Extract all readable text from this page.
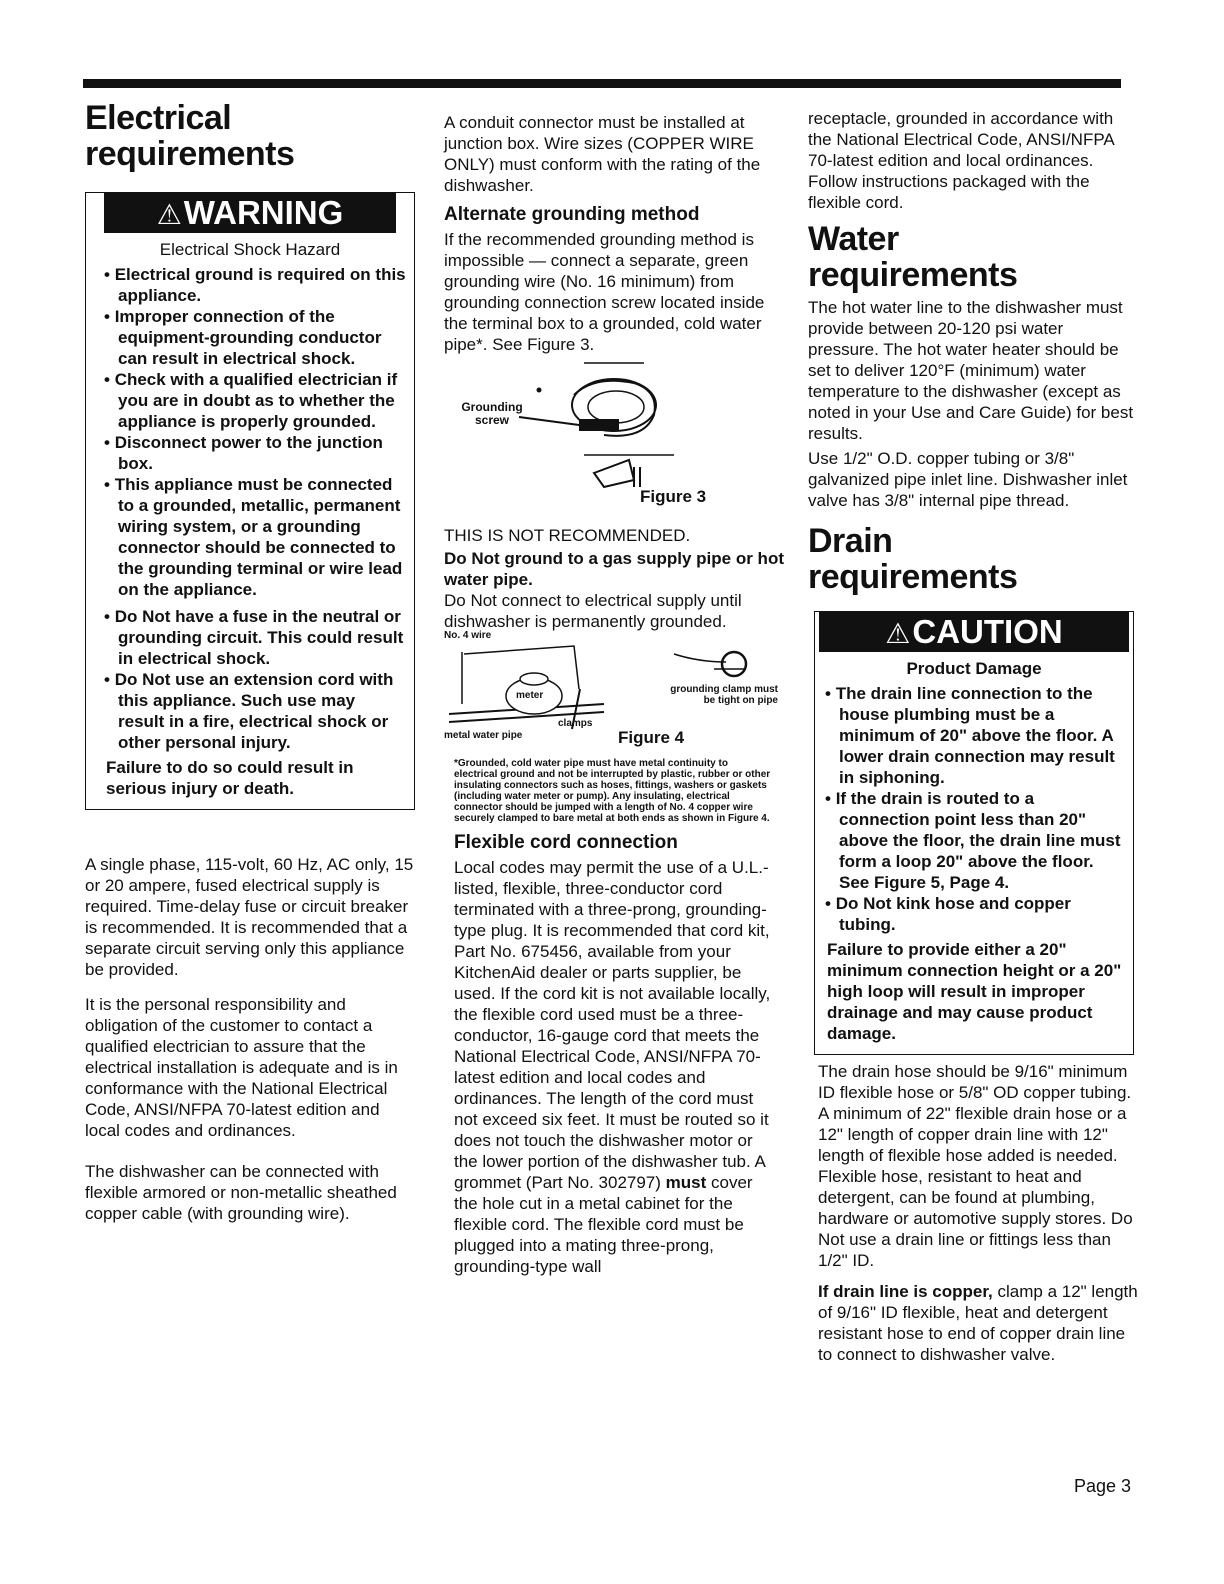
Electrical
requirements
⚠WARNING
Electrical Shock Hazard
• Electrical ground is required on this appliance.
• Improper connection of the equipment-grounding conductor can result in electrical shock.
• Check with a qualified electrician if you are in doubt as to whether the appliance is properly grounded.
• Disconnect power to the junction box.
• This appliance must be connected to a grounded, metallic, permanent wiring system, or a grounding connector should be connected to the grounding terminal or wire lead on the appliance.
• Do Not have a fuse in the neutral or grounding circuit. This could result in electrical shock.
• Do Not use an extension cord with this appliance. Such use may result in a fire, electrical shock or other personal injury.
Failure to do so could result in serious injury or death.

A single phase, 115-volt, 60 Hz, AC only, 15 or 20 ampere, fused electrical supply is required. Time-delay fuse or circuit breaker is recommended. It is recommended that a separate circuit serving only this appliance be provided.

It is the personal responsibility and obligation of the customer to contact a qualified electrician to assure that the electrical installation is adequate and is in conformance with the National Electrical Code, ANSI/NFPA 70-latest edition and local codes and ordinances.

The dishwasher can be connected with flexible armored or non-metallic sheathed copper cable (with grounding wire).

A conduit connector must be installed at junction box. Wire sizes (COPPER WIRE ONLY) must conform with the rating of the dishwasher.

Alternate grounding method

If the recommended grounding method is impossible — connect a separate, green grounding wire (No. 16 minimum) from grounding connection screw located inside the terminal box to a grounded, cold water pipe*. See Figure 3.

Grounding screw
Figure 3

THIS IS NOT RECOMMENDED.

Do Not ground to a gas supply pipe or hot water pipe.

Do Not connect to electrical supply until dishwasher is permanently grounded.

No. 4 wire
meter
clamps
metal water pipe
grounding clamp must be tight on pipe
Figure 4

*Grounded, cold water pipe must have metal continuity to electrical ground and not be interrupted by plastic, rubber or other insulating connectors such as hoses, fittings, washers or gaskets (including water meter or pump). Any insulating, electrical connector should be jumped with a length of No. 4 copper wire securely clamped to bare metal at both ends as shown in Figure 4.

Flexible cord connection

Local codes may permit the use of a U.L.-listed, flexible, three-conductor cord terminated with a three-prong, grounding-type plug. It is recommended that cord kit, Part No. 675456, available from your KitchenAid dealer or parts supplier, be used. If the cord kit is not available locally, the flexible cord used must be a three-conductor, 16-gauge cord that meets the National Electrical Code, ANSI/NFPA 70-latest edition and local codes and ordinances. The length of the cord must not exceed six feet. It must be routed so it does not touch the dishwasher motor or the lower portion of the dishwasher tub. A grommet (Part No. 302797) must cover the hole cut in a metal cabinet for the flexible cord. The flexible cord must be plugged into a mating three-prong, grounding-type wall

receptacle, grounded in accordance with the National Electrical Code, ANSI/NFPA 70-latest edition and local ordinances. Follow instructions packaged with the flexible cord.

Water
requirements

The hot water line to the dishwasher must provide between 20-120 psi water pressure. The hot water heater should be set to deliver 120°F (minimum) water temperature to the dishwasher (except as noted in your Use and Care Guide) for best results.

Use 1/2" O.D. copper tubing or 3/8" galvanized pipe inlet line. Dishwasher inlet valve has 3/8" internal pipe thread.

Drain
requirements
⚠CAUTION
Product Damage
• The drain line connection to the house plumbing must be a minimum of 20" above the floor. A lower drain connection may result in siphoning.
• If the drain is routed to a connection point less than 20" above the floor, the drain line must form a loop 20" above the floor. See Figure 5, Page 4.
• Do Not kink hose and copper tubing.
Failure to provide either a 20" minimum connection height or a 20" high loop will result in improper drainage and may cause product damage.

The drain hose should be 9/16" minimum ID flexible hose or 5/8" OD copper tubing. A minimum of 22" flexible drain hose or a 12" length of copper drain line with 12" length of flexible hose added is needed. Flexible hose, resistant to heat and detergent, can be found at plumbing, hardware or automotive supply stores. Do Not use a drain line or fittings less than 1/2" ID.

If drain line is copper, clamp a 12" length of 9/16" ID flexible, heat and detergent resistant hose to end of copper drain line to connect to dishwasher valve.

Page 3
